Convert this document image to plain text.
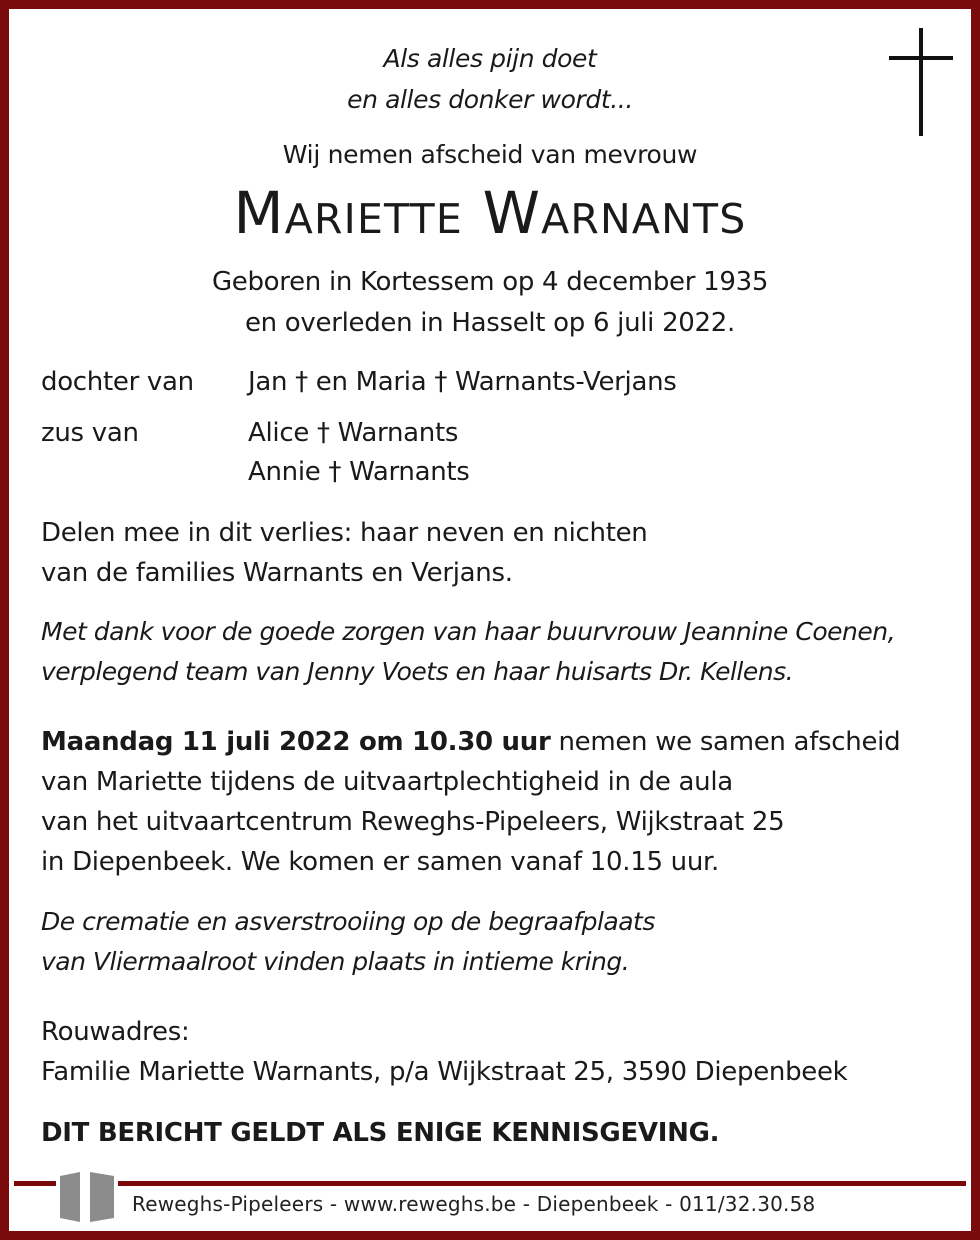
Als alles pijn doet
en alles donker wordt...
Wij nemen afscheid van mevrouw
Mariette Warnants
Geboren in Kortessem op 4 december 1935
en overleden in Hasselt op 6 juli 2022.
dochter van	Jan † en Maria † Warnants-Verjans
zus van	Alice † Warnants
Annie † Warnants
Delen mee in dit verlies: haar neven en nichten
van de families Warnants en Verjans.
Met dank voor de goede zorgen van haar buurvrouw Jeannine Coenen,
verplegend team van Jenny Voets en haar huisarts Dr. Kellens.
Maandag 11 juli 2022 om 10.30 uur nemen we samen afscheid
van Mariette tijdens de uitvaartplechtigheid in de aula
van het uitvaartcentrum Reweghs-Pipeleers, Wijkstraat 25
in Diepenbeek. We komen er samen vanaf 10.15 uur.
De crematie en asverstrooiing op de begraafplaats
van Vliermaalroot vinden plaats in intieme kring.
Rouwadres:
Familie Mariette Warnants, p/a Wijkstraat 25, 3590 Diepenbeek
DIT BERICHT GELDT ALS ENIGE KENNISGEVING.
Reweghs-Pipeleers - www.reweghs.be - Diepenbeek - 011/32.30.58
